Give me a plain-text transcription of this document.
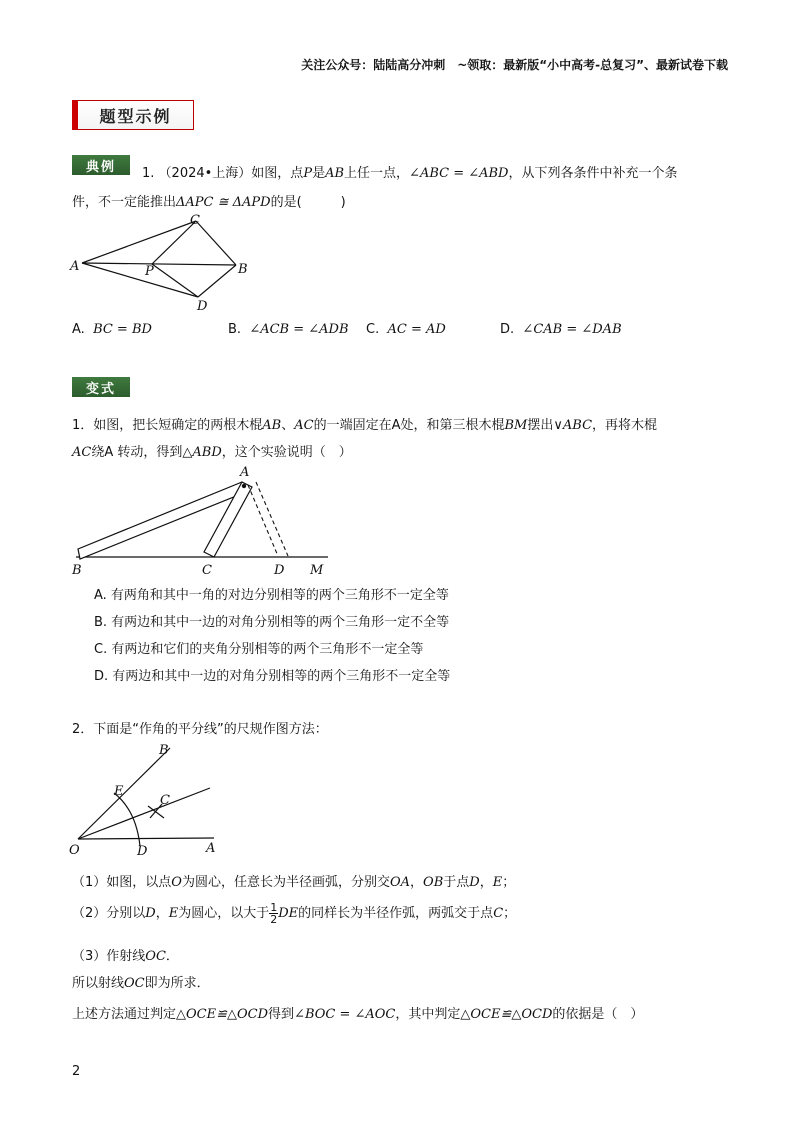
关注公众号：陆陆高分冲刺　~领取：最新版“小中高考-总复习”、最新试卷下载
题型示例
典例	1. （2024•上海）如图，点P是AB上任一点，∠ABC = ∠ABD，从下列各条件中补充一个条
件，不一定能推出ΔAPC ≅ ΔAPD的是(　　　)
A
C
P	B
D
A. BC = BD	B. ∠ACB = ∠ADB C. AC = AD	D. ∠CAB = ∠DAB
变式
1．如图，把长短确定的两根木棍AB、AC的一端固定在A处，和第三根木棍BM摆出∨ABC，再将木棍
AC绕A 转动，得到△ABD，这个实验说明（　）
A
B	C	D M
A. 有两角和其中一角的对边分别相等的两个三角形不一定全等
B. 有两边和其中一边的对角分别相等的两个三角形一定不全等
C. 有两边和它们的夹角分别相等的两个三角形不一定全等
D. 有两边和其中一边的对角分别相等的两个三角形不一定全等
2．下面是“作角的平分线”的尺规作图方法：
O
B
E
C
D	A
（1）如图，以点O为圆心，任意长为半径画弧，分别交OA，OB于点D，E；
（2）分别以D，E为圆心，以大于 $\frac{1}{2}$ DE的同样长为半径作弧，两弧交于点C；
（3）作射线OC．
所以射线OC即为所求．
上述方法通过判定△OCE≌△OCD得到∠BOC = ∠AOC，其中判定△OCE≌△OCD的依据是（　）
2
